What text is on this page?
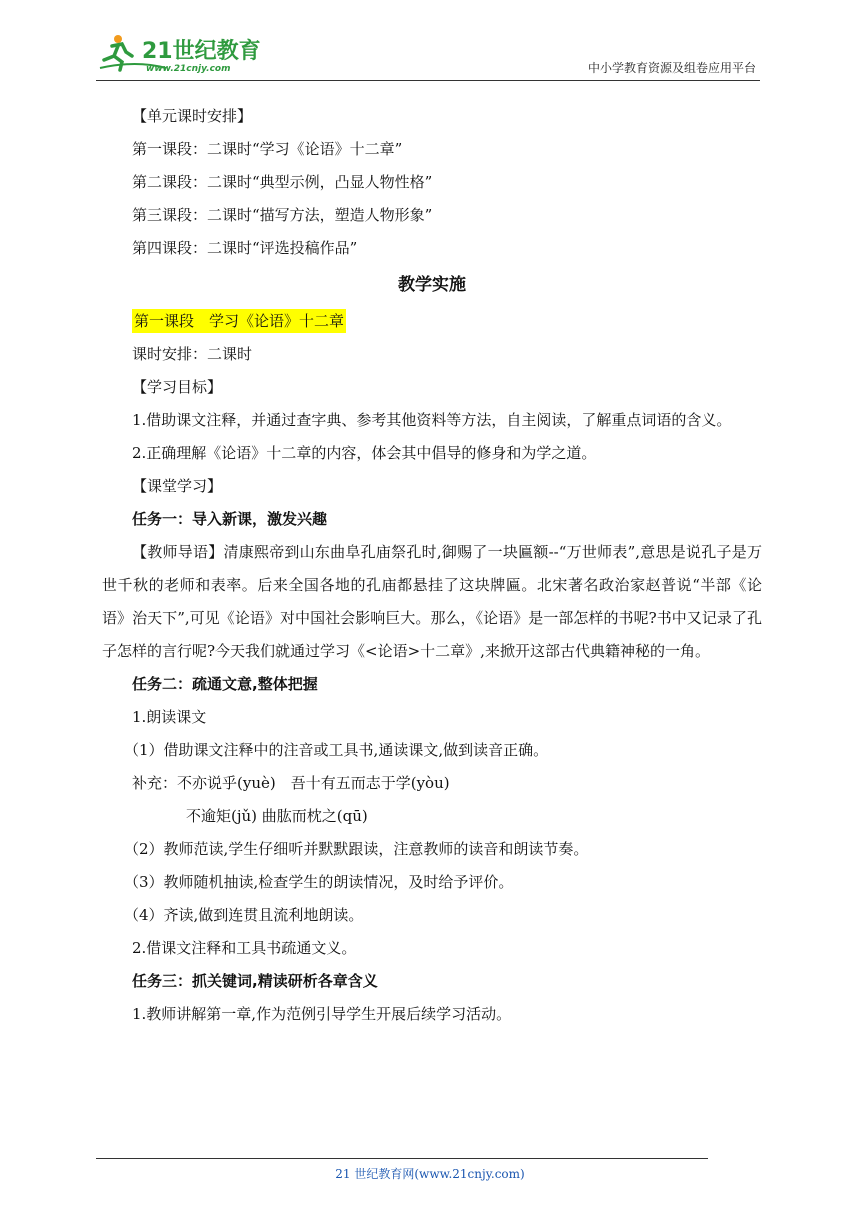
21世纪教育
www.21cnjy.com	中小学教育资源及组卷应用平台
【单元课时安排】
第一课段：二课时“学习《论语》十二章”
第二课段：二课时“典型示例，凸显人物性格”
第三课段：二课时“描写方法，塑造人物形象”
第四课段：二课时“评选投稿作品”
教学实施
第一课段　学习《论语》十二章
课时安排：二课时
【学习目标】
1.借助课文注释，并通过查字典、参考其他资料等方法，自主阅读，了解重点词语的含义。
2.正确理解《论语》十二章的内容，体会其中倡导的修身和为学之道。
【课堂学习】
任务一：导入新课，激发兴趣
【教师导语】清康熙帝到山东曲阜孔庙祭孔时,御赐了一块匾额--“万世师表”,意思是说孔子是万世千秋的老师和表率。后来全国各地的孔庙都悬挂了这块牌匾。北宋著名政治家赵普说“半部《论语》治天下”,可见《论语》对中国社会影响巨大。那么，《论语》是一部怎样的书呢?书中又记录了孔子怎样的言行呢?今天我们就通过学习《<论语>十二章》,来掀开这部古代典籍神秘的一角。
任务二：疏通文意,整体把握
1.朗读课文
（1）借助课文注释中的注音或工具书,通读课文,做到读音正确。
补充：不亦说乎(yuè)　吾十有五而志于学(yòu)
不逾矩(jǔ) 曲肱而枕之(qū)
（2）教师范读,学生仔细听并默默跟读，注意教师的读音和朗读节奏。
（3）教师随机抽读,检查学生的朗读情况，及时给予评价。
（4）齐读,做到连贯且流利地朗读。
2.借课文注释和工具书疏通文义。
任务三：抓关键词,精读研析各章含义
1.教师讲解第一章,作为范例引导学生开展后续学习活动。
21 世纪教育网(www.21cnjy.com)
